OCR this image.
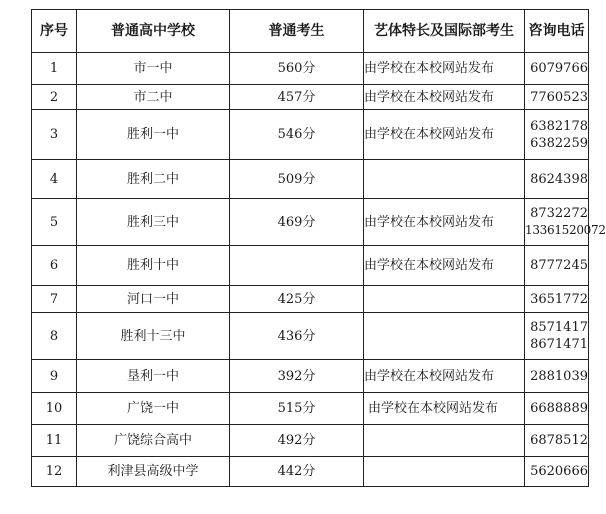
序号	普通高中学校	普通考生	艺体特长及国际部考生	咨询电话
1	市一中	560分	由学校在本校网站发布	6079766

2	市二中	457分	由学校在本校网站发布	7760523

3	胜利一中	546分	由学校在本校网站发布	6382178
6382259

4	胜利二中	509分		8624398

5	胜利三中	469分	由学校在本校网站发布	8732272
13361520072

6	胜利十中		由学校在本校网站发布	8777245

7	河口一中	425分		3651772

8	胜利十三中	436分		8571417
8671471

9	垦利一中	392分	由学校在本校网站发布	2881039

10	广饶一中	515分	由学校在本校网站发布	6688889

11	广饶综合高中	492分		6878512

12	利津县高级中学	442分		5620666
